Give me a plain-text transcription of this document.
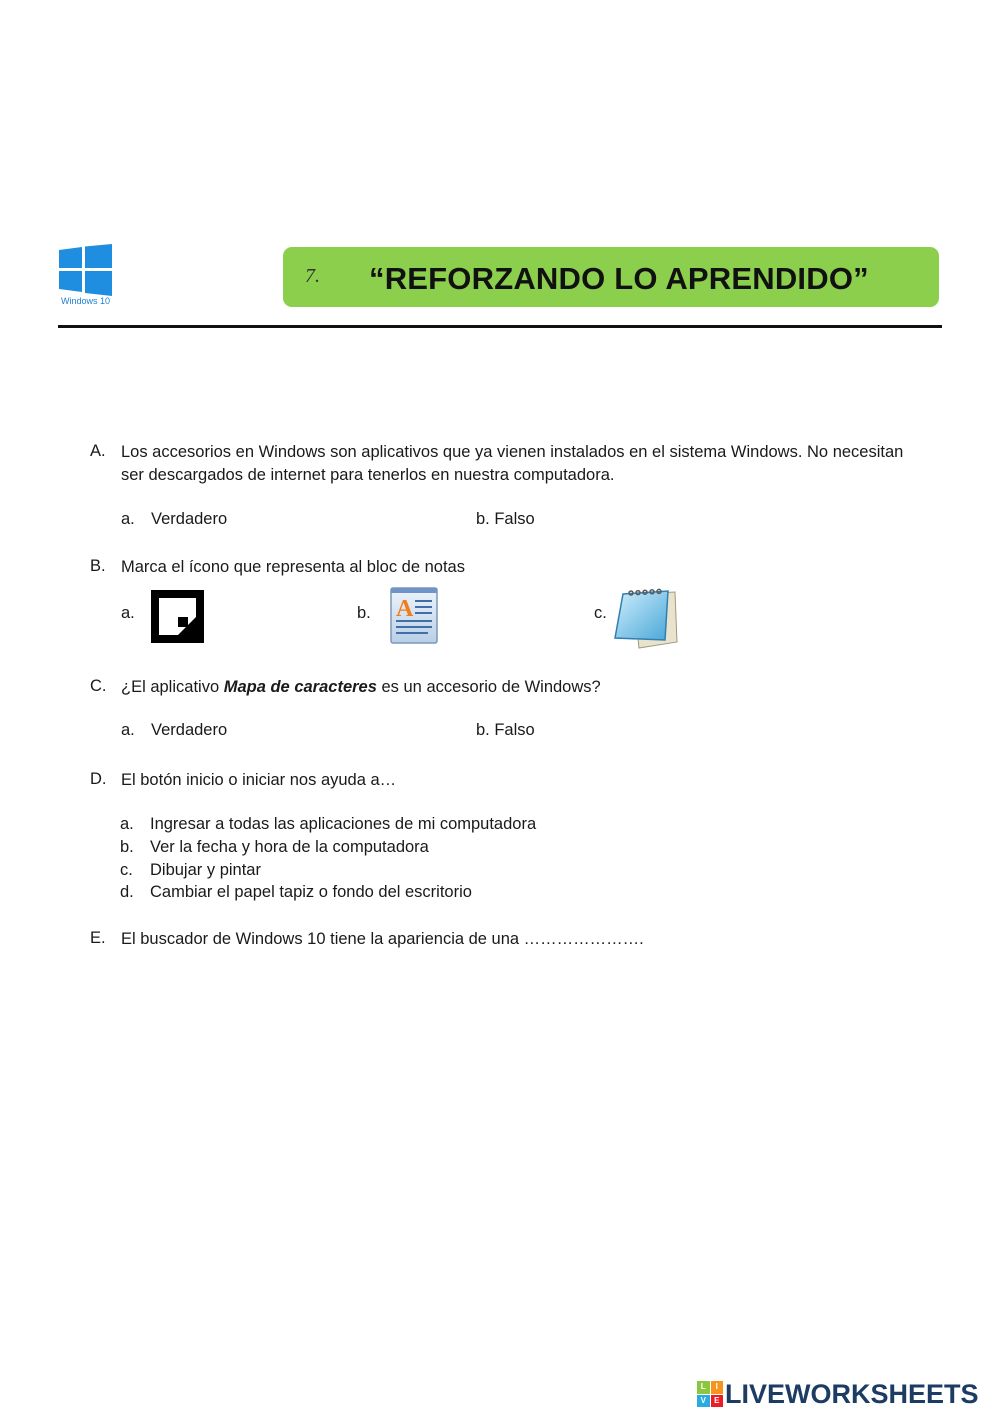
Windows 10
7. “REFORZANDO LO APRENDIDO”
A. Los accesorios en Windows son aplicativos que ya vienen instalados en el sistema Windows. No necesitan
ser descargados de internet para tenerlos en nuestra computadora.
a. Verdadero	b. Falso
B. Marca el ícono que representa al bloc de notas
a.	b. A	c.
C. ¿El aplicativo Mapa de caracteres es un accesorio de Windows?
a. Verdadero	b. Falso
D. El botón inicio o iniciar nos ayuda a…
a. Ingresar a todas las aplicaciones de mi computadora
b. Ver la fecha y hora de la computadora
c. Dibujar y pintar
d. Cambiar el papel tapiz o fondo del escritorio
E. El buscador de Windows 10 tiene la apariencia de una ………………….
L	I
V	E LIVEWORKSHEETS
